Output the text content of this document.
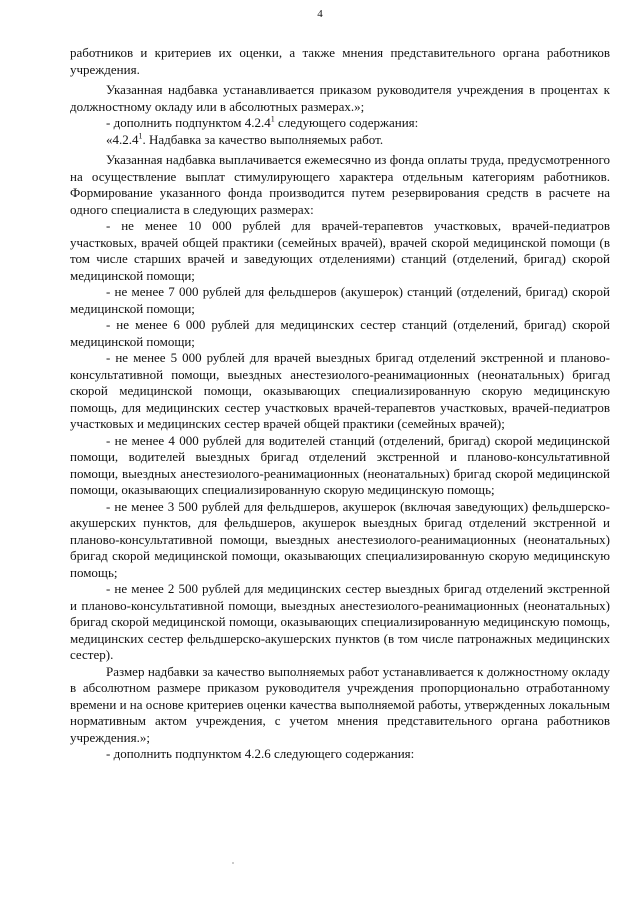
4

работников и критериев их оценки, а также мнения представительного органа работников учреждения.

Указанная надбавка устанавливается приказом руководителя учреждения в процентах к должностному окладу или в абсолютных размерах.»;

- дополнить подпунктом 4.2.4$^1$ следующего содержания:

«4.2.4$^1$. Надбавка за качество выполняемых работ.

Указанная надбавка выплачивается ежемесячно из фонда оплаты труда, предусмотренного на осуществление выплат стимулирующего характера отдельным категориям работников. Формирование указанного фонда производится путем резервирования средств в расчете на одного специалиста в следующих размерах:

- не менее 10 000 рублей для врачей-терапевтов участковых, врачей-педиатров участковых, врачей общей практики (семейных врачей), врачей скорой медицинской помощи (в том числе старших врачей и заведующих отделениями) станций (отделений, бригад) скорой медицинской помощи;

- не менее 7 000 рублей для фельдшеров (акушерок) станций (отделений, бригад) скорой медицинской помощи;

- не менее 6 000 рублей для медицинских сестер станций (отделений, бригад) скорой медицинской помощи;

- не менее 5 000 рублей для врачей выездных бригад отделений экстренной и планово-консультативной помощи, выездных анестезиолого-реанимационных (неонатальных) бригад скорой медицинской помощи, оказывающих специализированную скорую медицинскую помощь, для медицинских сестер участковых врачей-терапевтов участковых, врачей-педиатров участковых и медицинских сестер врачей общей практики (семейных врачей);

- не менее 4 000 рублей для водителей станций (отделений, бригад) скорой медицинской помощи, водителей выездных бригад отделений экстренной и планово-консультативной помощи, выездных анестезиолого-реанимационных (неонатальных) бригад скорой медицинской помощи, оказывающих специализированную скорую медицинскую помощь;

- не менее 3 500 рублей для фельдшеров, акушерок (включая заведующих) фельдшерско-акушерских пунктов, для фельдшеров, акушерок выездных бригад отделений экстренной и планово-консультативной помощи, выездных анестезиолого-реанимационных (неонатальных) бригад скорой медицинской помощи, оказывающих специализированную скорую медицинскую помощь;

- не менее 2 500 рублей для медицинских сестер выездных бригад отделений экстренной и планово-консультативной помощи, выездных анестезиолого-реанимационных (неонатальных) бригад скорой медицинской помощи, оказывающих специализированную медицинскую помощь, медицинских сестер фельдшерско-акушерских пунктов (в том числе патронажных медицинских сестер).

Размер надбавки за качество выполняемых работ устанавливается к должностному окладу в абсолютном размере приказом руководителя учреждения пропорционально отработанному времени и на основе критериев оценки качества выполняемой работы, утвержденных локальным нормативным актом учреждения, с учетом мнения представительного органа работников учреждения.»;

- дополнить подпунктом 4.2.6 следующего содержания:
